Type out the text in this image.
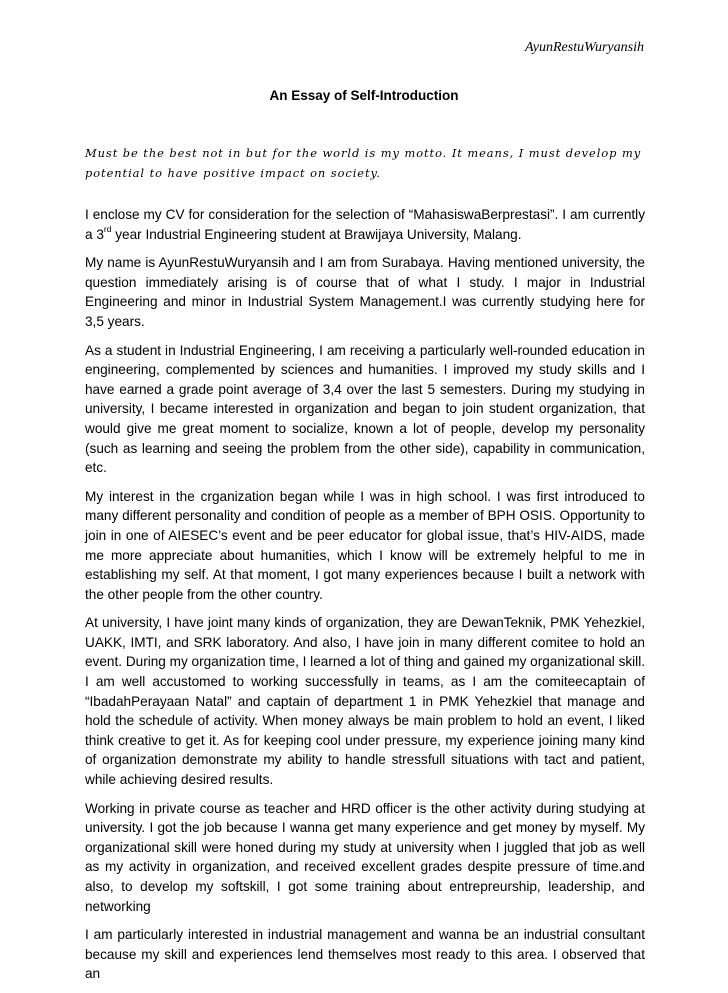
AyunRestuWuryansih
An Essay of Self-Introduction
Must be the best not in but for the world is my motto. It means, I must develop my
potential to have positive impact on society.

I enclose my CV for consideration for the selection of “MahasiswaBerprestasi”. I am currently a 3rd year Industrial Engineering student at Brawijaya University, Malang.

My name is AyunRestuWuryansih and I am from Surabaya. Having mentioned university, the question immediately arising is of course that of what I study. I major in Industrial Engineering and minor in Industrial System Management.I was currently studying here for 3,5 years.

As a student in Industrial Engineering, I am receiving a particularly well-rounded education in engineering, complemented by sciences and humanities. I improved my study skills and I have earned a grade point average of 3,4 over the last 5 semesters. During my studying in university, I became interested in organization and began to join student organization, that would give me great moment to socialize, known a lot of people, develop my personality (such as learning and seeing the problem from the other side), capability in communication, etc.

My interest in the crganization began while I was in high school. I was first introduced to many different personality and condition of people as a member of BPH OSIS. Opportunity to join in one of AIESEC’s event and be peer educator for global issue, that’s HIV-AIDS, made me more appreciate about humanities, which I know will be extremely helpful to me in establishing my self. At that moment, I got many experiences because I built a network with the other people from the other country.

At university, I have joint many kinds of organization, they are DewanTeknik, PMK Yehezkiel, UAKK, IMTI, and SRK laboratory. And also, I have join in many different comitee to hold an event. During my organization time, I learned a lot of thing and gained my organizational skill. I am well accustomed to working successfully in teams, as I am the comiteecaptain of “IbadahPerayaan Natal” and captain of department 1 in PMK Yehezkiel that manage and hold the schedule of activity. When money always be main problem to hold an event, I liked think creative to get it. As for keeping cool under pressure, my experience joining many kind of organization demonstrate my ability to handle stressfull situations with tact and patient, while achieving desired results.

Working in private course as teacher and HRD officer is the other activity during studying at university. I got the job because I wanna get many experience and get money by myself. My organizational skill were honed during my study at university when I juggled that job as well as my activity in organization, and received excellent grades despite pressure of time.and also, to develop my softskill, I got some training about entrepreurship, leadership, and networking

I am particularly interested in industrial management and wanna be an industrial consultant because my skill and experiences lend themselves most ready to this area. I observed that an
